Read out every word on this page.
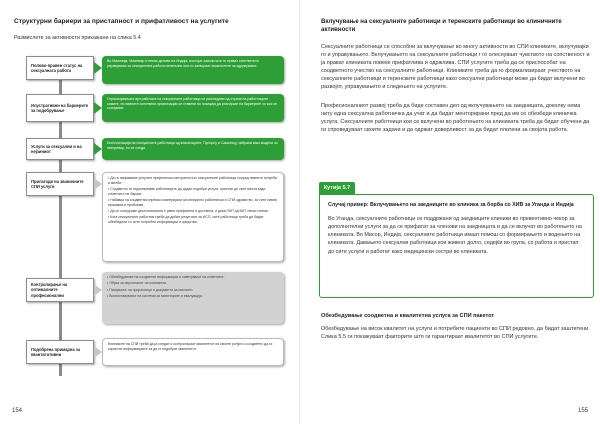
Структурни бариери за пристапност и прифатливост на услугите
Размислете за активности прикажани на слика 5.4
Полово-правен статус на сексуалната работа
Во Малезија, Мианмар и некои делови на Индија, постојат закони што го прават сопственото управување со сексуалната работа нелегално или ги затвораат можностите за здружување.
Илустративни на бариерите за подобрување
Ограничувањата врз работата на сексуалните работници се разгледани од страна на работниците самите, но нивните сопствени организации се ставени во позиција да реагираат на бариерите со кои се соочуваат.
Услуги за сексуални и на нејзиниот
Експлоатација на сексуалните работници од клиничарите, Пулорлу и Самоетцу, избрани како модели за натпревар, по се следи.
Прилагоди на званичните СПИ услуги
• Да ги направиме услугите пријателски настроени кон сексуалните работници според нивните потреби и желби.
• Соодветно ги подготвуваме работниците да дадат подобри услуги, пристап до сите места каде клиентите не бараат.
• Набавка на соодветна опрема и материјали за сексуално работничка и СПИ здравство, за сите нивни прашања и проблеми.
• Да се осигураме дека клиниката е јавно прифатена и достапна, и дека ПКП од ВИТ нема стигма.
• Кога сексуалниот работник треба да добие резултати за ИСП, сите работници треба да бидат обезбедени со сите потребни информации и средства.
Контролирање на оптималните професионални
• Обезбедување на соодветни информации и советување на клиентите.
• Обука за персоналот на клиниката.
• Пишување на прирачници и документи за квалитет.
• Воспоставување на системи за мониторинг и евалуација.
Подобрена примарна за квантитативни
Клиниките на СПИ треба да ја следат и контролираат квалитетот на своите услуги и соодветно да ги користат информациите за да го подобрат квалитетот.
154
Вклучување на сексуалните работници и теренските работници во клиничните активности
Сексуалните работници се способни за вклучување во многу активности во СПИ клиниките, вклучувајќи го и управувањето. Вклучувањето на сексуалните работници г го олеснуваат чувството на сопственост и ја прават клиниката повеќе прифатлива и одржлива. СПИ услугите треба да се приспособат на соодветното учество на сексуалните работници. Клиниките треба да го формализираат учеството на сексуалните работници и теренските работници како сексуални работници може да бидат вклучени во развојот, управувањето и следењето на услугите.
Професионалниот развој треба да биде составен дел од вклучувањето на заедницата, доколку нема ниту една сексуална работничка да учат и да бидат менторирани пред да им се обезбеди клиничка услуга. Сексуалните работници кои се вклучени во работењето на клиниката треба да бидат обучени да ги спроведуваат своите задачи и да одржат доверливост за да бидат платени за својата работа.
Кутија 5.7
Случај пример: Вклучувањето на заедниците во клиника за борба со ХИВ за Уганда и Индија
Во Уганда, сексуалните работници се поддржани од заедниците клиники во превентивно чекор за дополнителни услуги за да се прифатат за членови на заедницата и да се вклучат во работењето на клиниката. Во Мисор, Индија, сексуалните работници имаат помош со формирањето и водењето на клиниката. Давањето сексуални работници кои живеат долго, седејќи во група, со работа и пристап до сите услуги и работат како медицински сестри во клиниката.
Обезбедување соодветна и квалитетна услуга за СПИ пакетот
Обезбедување на висок квалитет на услуги и потребите пациенти во СПИ редовно, да бидат заштитени. Слика 5.5 ги покажуваат факторите што ги гарантираат квалитетот во СПИ услугите.
155
